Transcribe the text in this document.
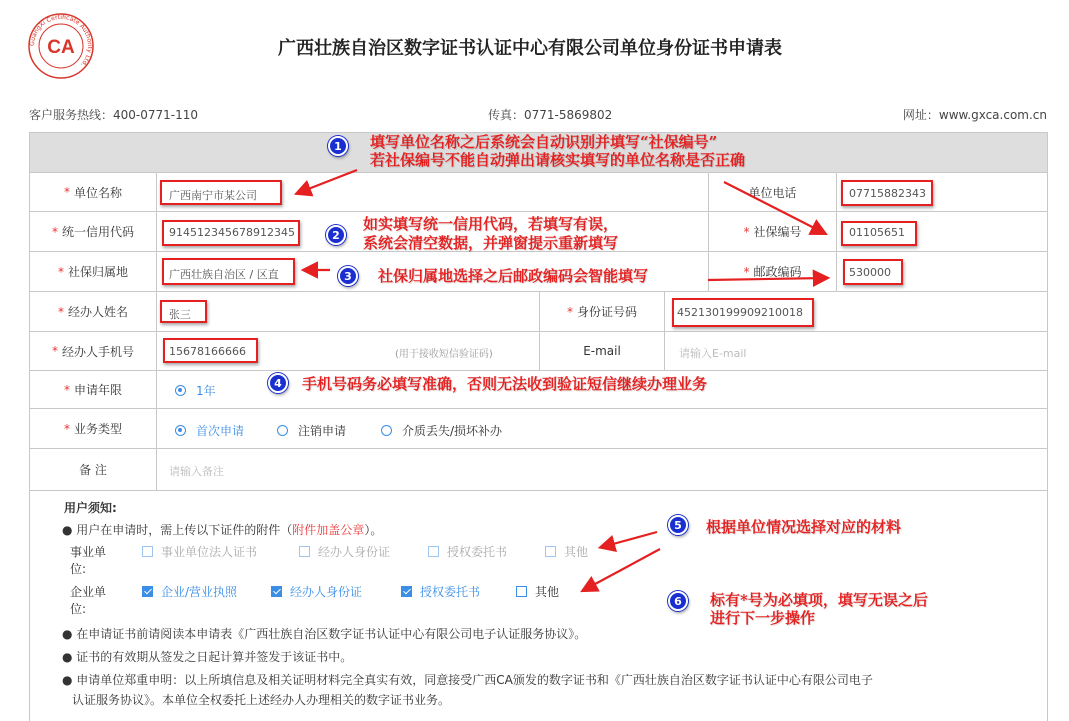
GuangXi Certificate Authority Ltd.
CA	广西壮族自治区数字证书认证中心有限公司单位身份证书申请表
客户服务热线：400-0771-110	传真：0771-5869802	网址：www.gxca.com.cn
* 单位名称	广西南宁市某公司	单位电话	07715882343
* 统一信用代码	914512345678912345	* 社保编号	01105651
* 社保归属地	广西壮族自治区 / 区直	* 邮政编码	530000
* 经办人姓名	张三	* 身份证号码	452130199909210018
* 经办人手机号	15678166666	(用于接收短信验证码)	E-mail	请输入E-mail
* 申请年限	1年
* 业务类型	首次申请	注销申请	介质丢失/损坏补办
备 注	请输入备注
用户须知:
● 用户在申请时，需上传以下证件的附件（附件加盖公章）。
事业单位:
事业单位法人证书	经办人身份证	授权委托书	其他
企业单位:
企业/营业执照	经办人身份证	授权委托书	其他
● 在申请证书前请阅读本申请表《广西壮族自治区数字证书认证中心有限公司电子认证服务协议》。
● 证书的有效期从签发之日起计算并签发于该证书中。
● 申请单位郑重申明：以上所填信息及相关证明材料完全真实有效，同意接受广西CA颁发的数字证书和《广西壮族自治区数字证书认证中心有限公司电子
认证服务协议》。本单位全权委托上述经办人办理相关的数字证书业务。
1
2
3
4
5
6
填写单位名称之后系统会自动识别并填写“社保编号”
若社保编号不能自动弹出请核实填写的单位名称是否正确
如实填写统一信用代码，若填写有误，
系统会清空数据，并弹窗提示重新填写
社保归属地选择之后邮政编码会智能填写
手机号码务必填写准确，否则无法收到验证短信继续办理业务
根据单位情况选择对应的材料
标有*号为必填项，填写无误之后
进行下一步操作
